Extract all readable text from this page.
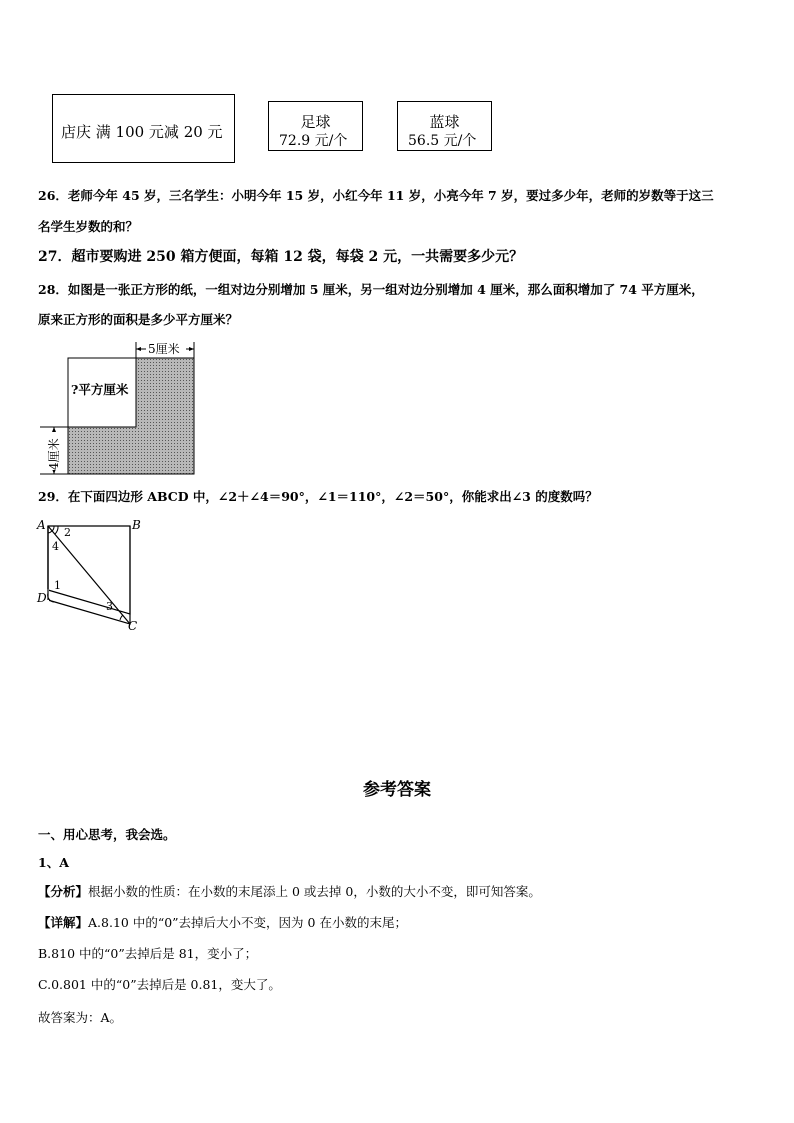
店庆 满 100 元减 20 元
足球
72.9 元/个
蓝球
56.5 元/个
26．老师今年 45 岁，三名学生：小明今年 15 岁，小红今年 11 岁，小亮今年 7 岁，要过多少年，老师的岁数等于这三
名学生岁数的和？
27．超市要购进 250 箱方便面，每箱 12 袋，每袋 2 元，一共需要多少元？
28．如图是一张正方形的纸，一组对边分别增加 5 厘米，另一组对边分别增加 4 厘米，那么面积增加了 74 平方厘米，
原来正方形的面积是多少平方厘米？
5厘米
?平方厘米
4厘米
29．在下面四边形 ABCD 中，∠2＋∠4＝90°，∠1＝110°，∠2＝50°，你能求出∠3 的度数吗？
A	B
C
D
1
2
3
4
参考答案
一、用心思考，我会选。
1、A
【分析】根据小数的性质：在小数的末尾添上 0 或去掉 0，小数的大小不变，即可知答案。
【详解】A.8.10 中的“0”去掉后大小不变，因为 0 在小数的末尾；
B.810 中的“0”去掉后是 81，变小了；
C.0.801 中的“0”去掉后是 0.81，变大了。
故答案为：A。
